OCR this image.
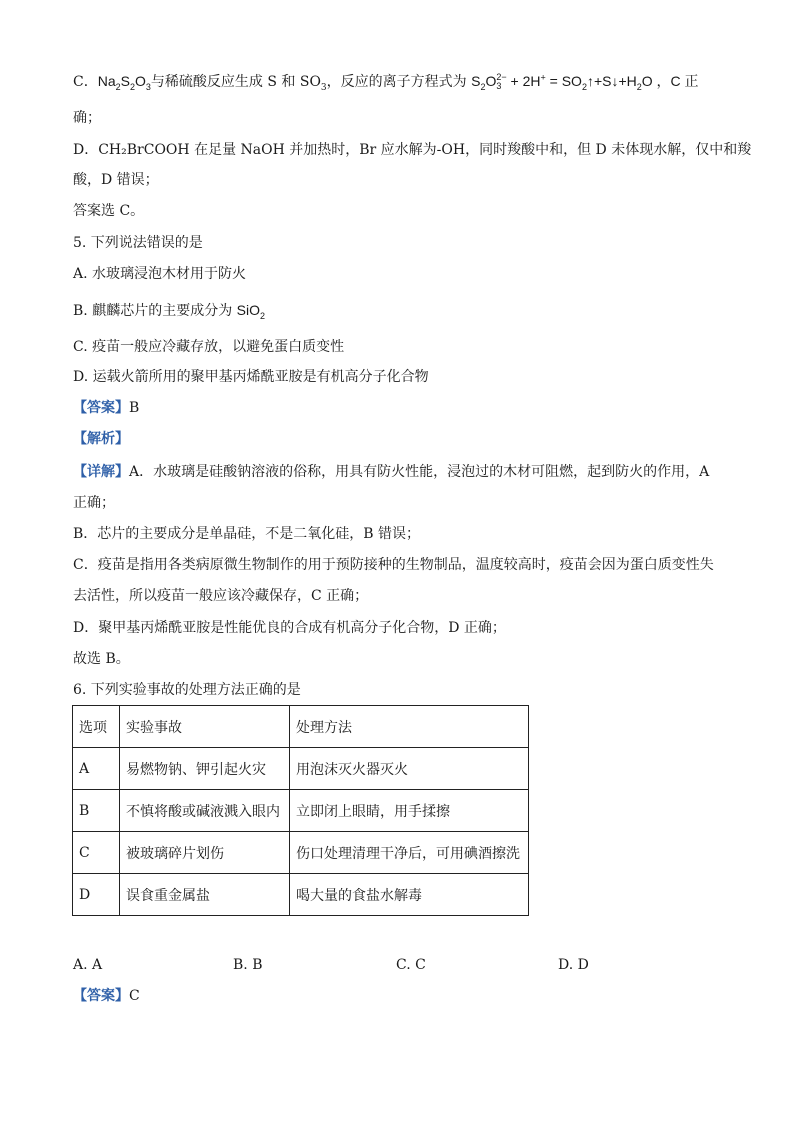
C．$Na_2S_2O_3$与稀硫酸反应生成 S 和 $SO_3$，反应的离子方程式为 $S_2O$ 2−
$3 + 2H^+ = SO_2↑+S↓+H_2O$ ，C 正
确；
D．CH₂BrCOOH 在足量 NaOH 并加热时，Br 应水解为-OH，同时羧酸中和，但 D 未体现水解，仅中和羧
酸，D 错误；
答案选 C。
5. 下列说法错误的是
A. 水玻璃浸泡木材用于防火
B. 麒麟芯片的主要成分为 SiO$_2$
C. 疫苗一般应冷藏存放，以避免蛋白质变性
D. 运载火箭所用的聚甲基丙烯酰亚胺是有机高分子化合物
【答案】B
【解析】
【详解】A．水玻璃是硅酸钠溶液的俗称，用具有防火性能，浸泡过的木材可阻燃，起到防火的作用，A
正确；
B．芯片的主要成分是单晶硅，不是二氧化硅，B 错误；
C．疫苗是指用各类病原微生物制作的用于预防接种的生物制品，温度较高时，疫苗会因为蛋白质变性失
去活性，所以疫苗一般应该冷藏保存，C 正确；
D．聚甲基丙烯酰亚胺是性能优良的合成有机高分子化合物，D 正确；
故选 B。
6. 下列实验事故的处理方法正确的是
选项	实验事故	处理方法
A	易燃物钠、钾引起火灾	用泡沫灭火器灭火
B	不慎将酸或碱液溅入眼内	立即闭上眼睛，用手揉擦
C	被玻璃碎片划伤	伤口处理清理干净后，可用碘酒擦洗
D	误食重金属盐	喝大量的食盐水解毒
A. A	B. B	C. C	D. D
【答案】C
